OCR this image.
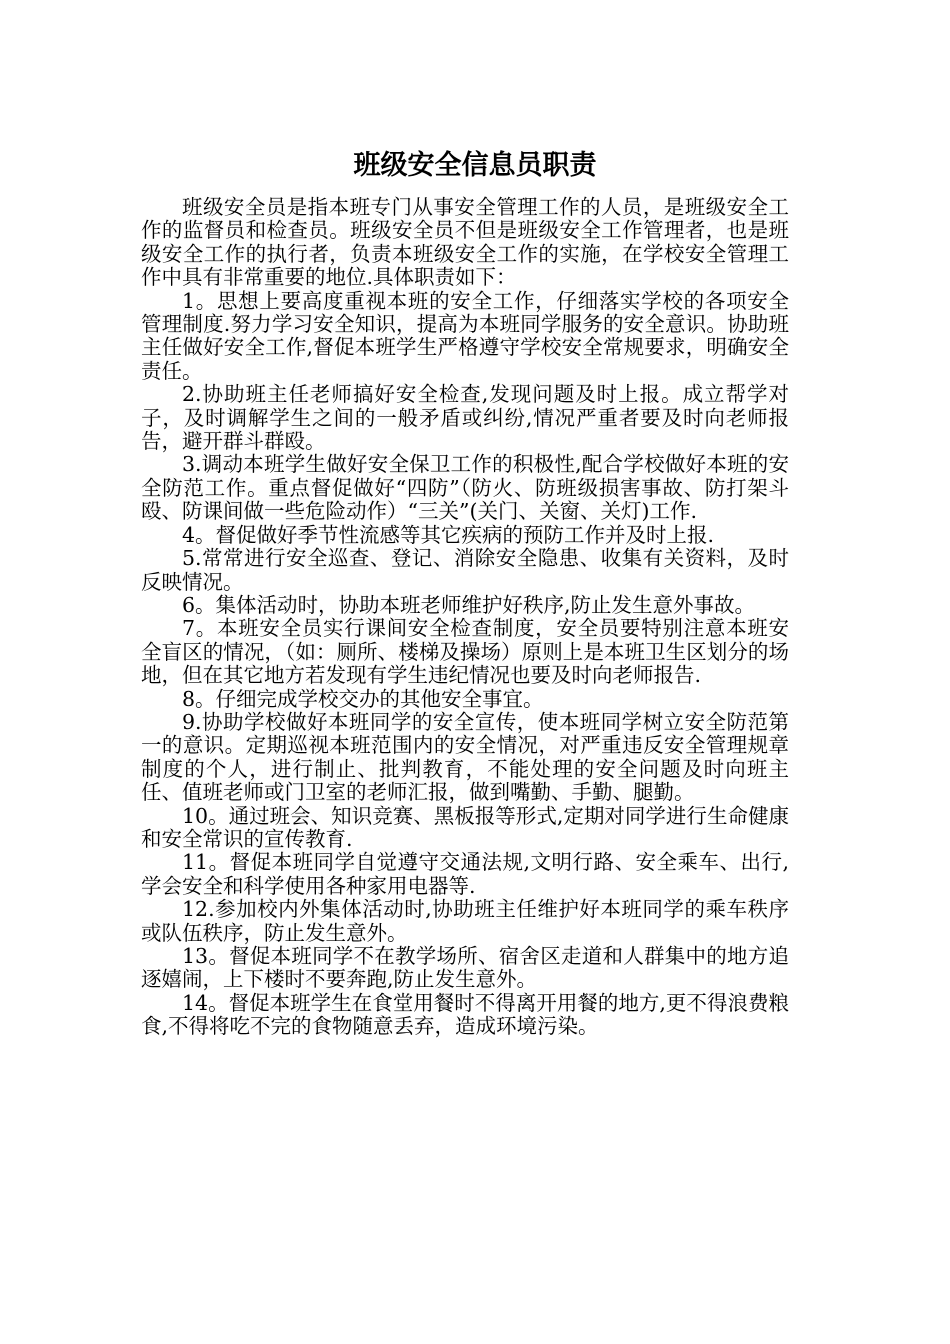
班级安全信息员职责

班级安全员是指本班专门从事安全管理工作的人员，是班级安全工作的监督员和检查员。班级安全员不但是班级安全工作管理者，也是班级安全工作的执行者，负责本班级安全工作的实施，在学校安全管理工作中具有非常重要的地位.具体职责如下：

1。思想上要高度重视本班的安全工作，仔细落实学校的各项安全管理制度.努力学习安全知识，提高为本班同学服务的安全意识。协助班主任做好安全工作,督促本班学生严格遵守学校安全常规要求，明确安全责任。

2.协助班主任老师搞好安全检查,发现问题及时上报。成立帮学对子，及时调解学生之间的一般矛盾或纠纷,情况严重者要及时向老师报告，避开群斗群殴。

3.调动本班学生做好安全保卫工作的积极性,配合学校做好本班的安全防范工作。重点督促做好“四防”（防火、防班级损害事故、防打架斗殴、防课间做一些危险动作）“三关”(关门、关窗、关灯)工作.

4。督促做好季节性流感等其它疾病的预防工作并及时上报.

5.常常进行安全巡查、登记、消除安全隐患、收集有关资料，及时反映情况。

6。集体活动时，协助本班老师维护好秩序,防止发生意外事故。

7。本班安全员实行课间安全检查制度，安全员要特别注意本班安全盲区的情况，（如：厕所、楼梯及操场）原则上是本班卫生区划分的场地，但在其它地方若发现有学生违纪情况也要及时向老师报告.

8。仔细完成学校交办的其他安全事宜。

9.协助学校做好本班同学的安全宣传，使本班同学树立安全防范第一的意识。定期巡视本班范围内的安全情况，对严重违反安全管理规章制度的个人，进行制止、批判教育，不能处理的安全问题及时向班主任、值班老师或门卫室的老师汇报，做到嘴勤、手勤、腿勤。

10。通过班会、知识竞赛、黑板报等形式,定期对同学进行生命健康和安全常识的宣传教育.

11。督促本班同学自觉遵守交通法规,文明行路、安全乘车、出行,学会安全和科学使用各种家用电器等.

12.参加校内外集体活动时,协助班主任维护好本班同学的乘车秩序或队伍秩序，防止发生意外。

13。督促本班同学不在教学场所、宿舍区走道和人群集中的地方追逐嬉闹，上下楼时不要奔跑,防止发生意外。

14。督促本班学生在食堂用餐时不得离开用餐的地方,更不得浪费粮食,不得将吃不完的食物随意丢弃，造成环境污染。
